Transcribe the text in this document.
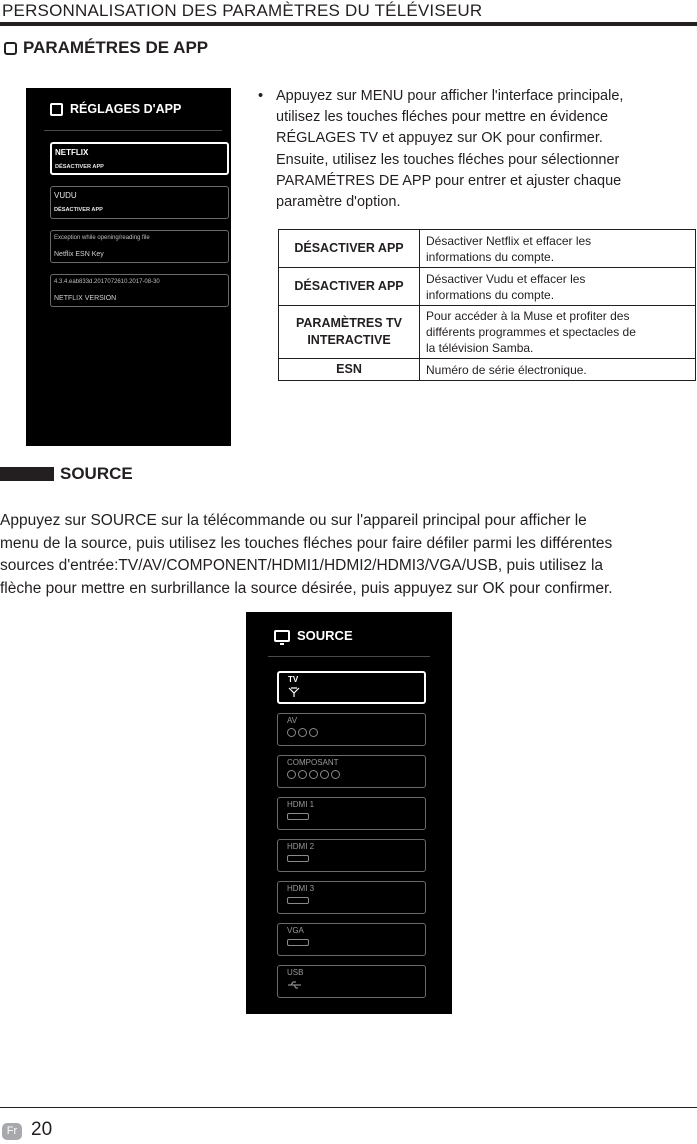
PERSONNALISATION DES PARAMÈTRES DU TÉLÉVISEUR
PARAMÉTRES DE APP
RÉGLAGES D'APP
NETFLIX
DÉSACTIVER APP
VUDU
DÉSACTIVER APP
Exception while opening/reading file
Netflix ESN Key
4.3.4.eab833d.2017072610.2017-08-30
NETFLIX VERSION
• Appuyez sur MENU pour afficher l'interface principale,
utilisez les touches fléches pour mettre en évidence
RÉGLAGES TV et appuyez sur OK pour confirmer.
Ensuite, utilisez les touches fléches pour sélectionner
PARAMÉTRES DE APP pour entrer et ajuster chaque
paramètre d'option.
DÉSACTIVER APP	Désactiver Netflix et effacer les
informations du compte.

DÉSACTIVER APP	Désactiver Vudu et effacer les
informations du compte.

PARAMÈTRES TV
INTERACTIVE	Pour accéder à la Muse et profiter des
différents programmes et spectacles de
la télévision Samba.

ESN	Numéro de série électronique.
SOURCE
Appuyez sur SOURCE sur la télécommande ou sur l'appareil principal pour afficher le
menu de la source, puis utilisez les touches fléches pour faire défiler parmi les différentes
sources d'entrée:TV/AV/COMPONENT/HDMI1/HDMI2/HDMI3/VGA/USB, puis utilisez la
flèche pour mettre en surbrillance la source désirée, puis appuyez sur OK pour confirmer.
SOURCE
TV
AV
COMPOSANT
HDMI 1
HDMI 2
HDMI 3
VGA
USB
Fr 20
